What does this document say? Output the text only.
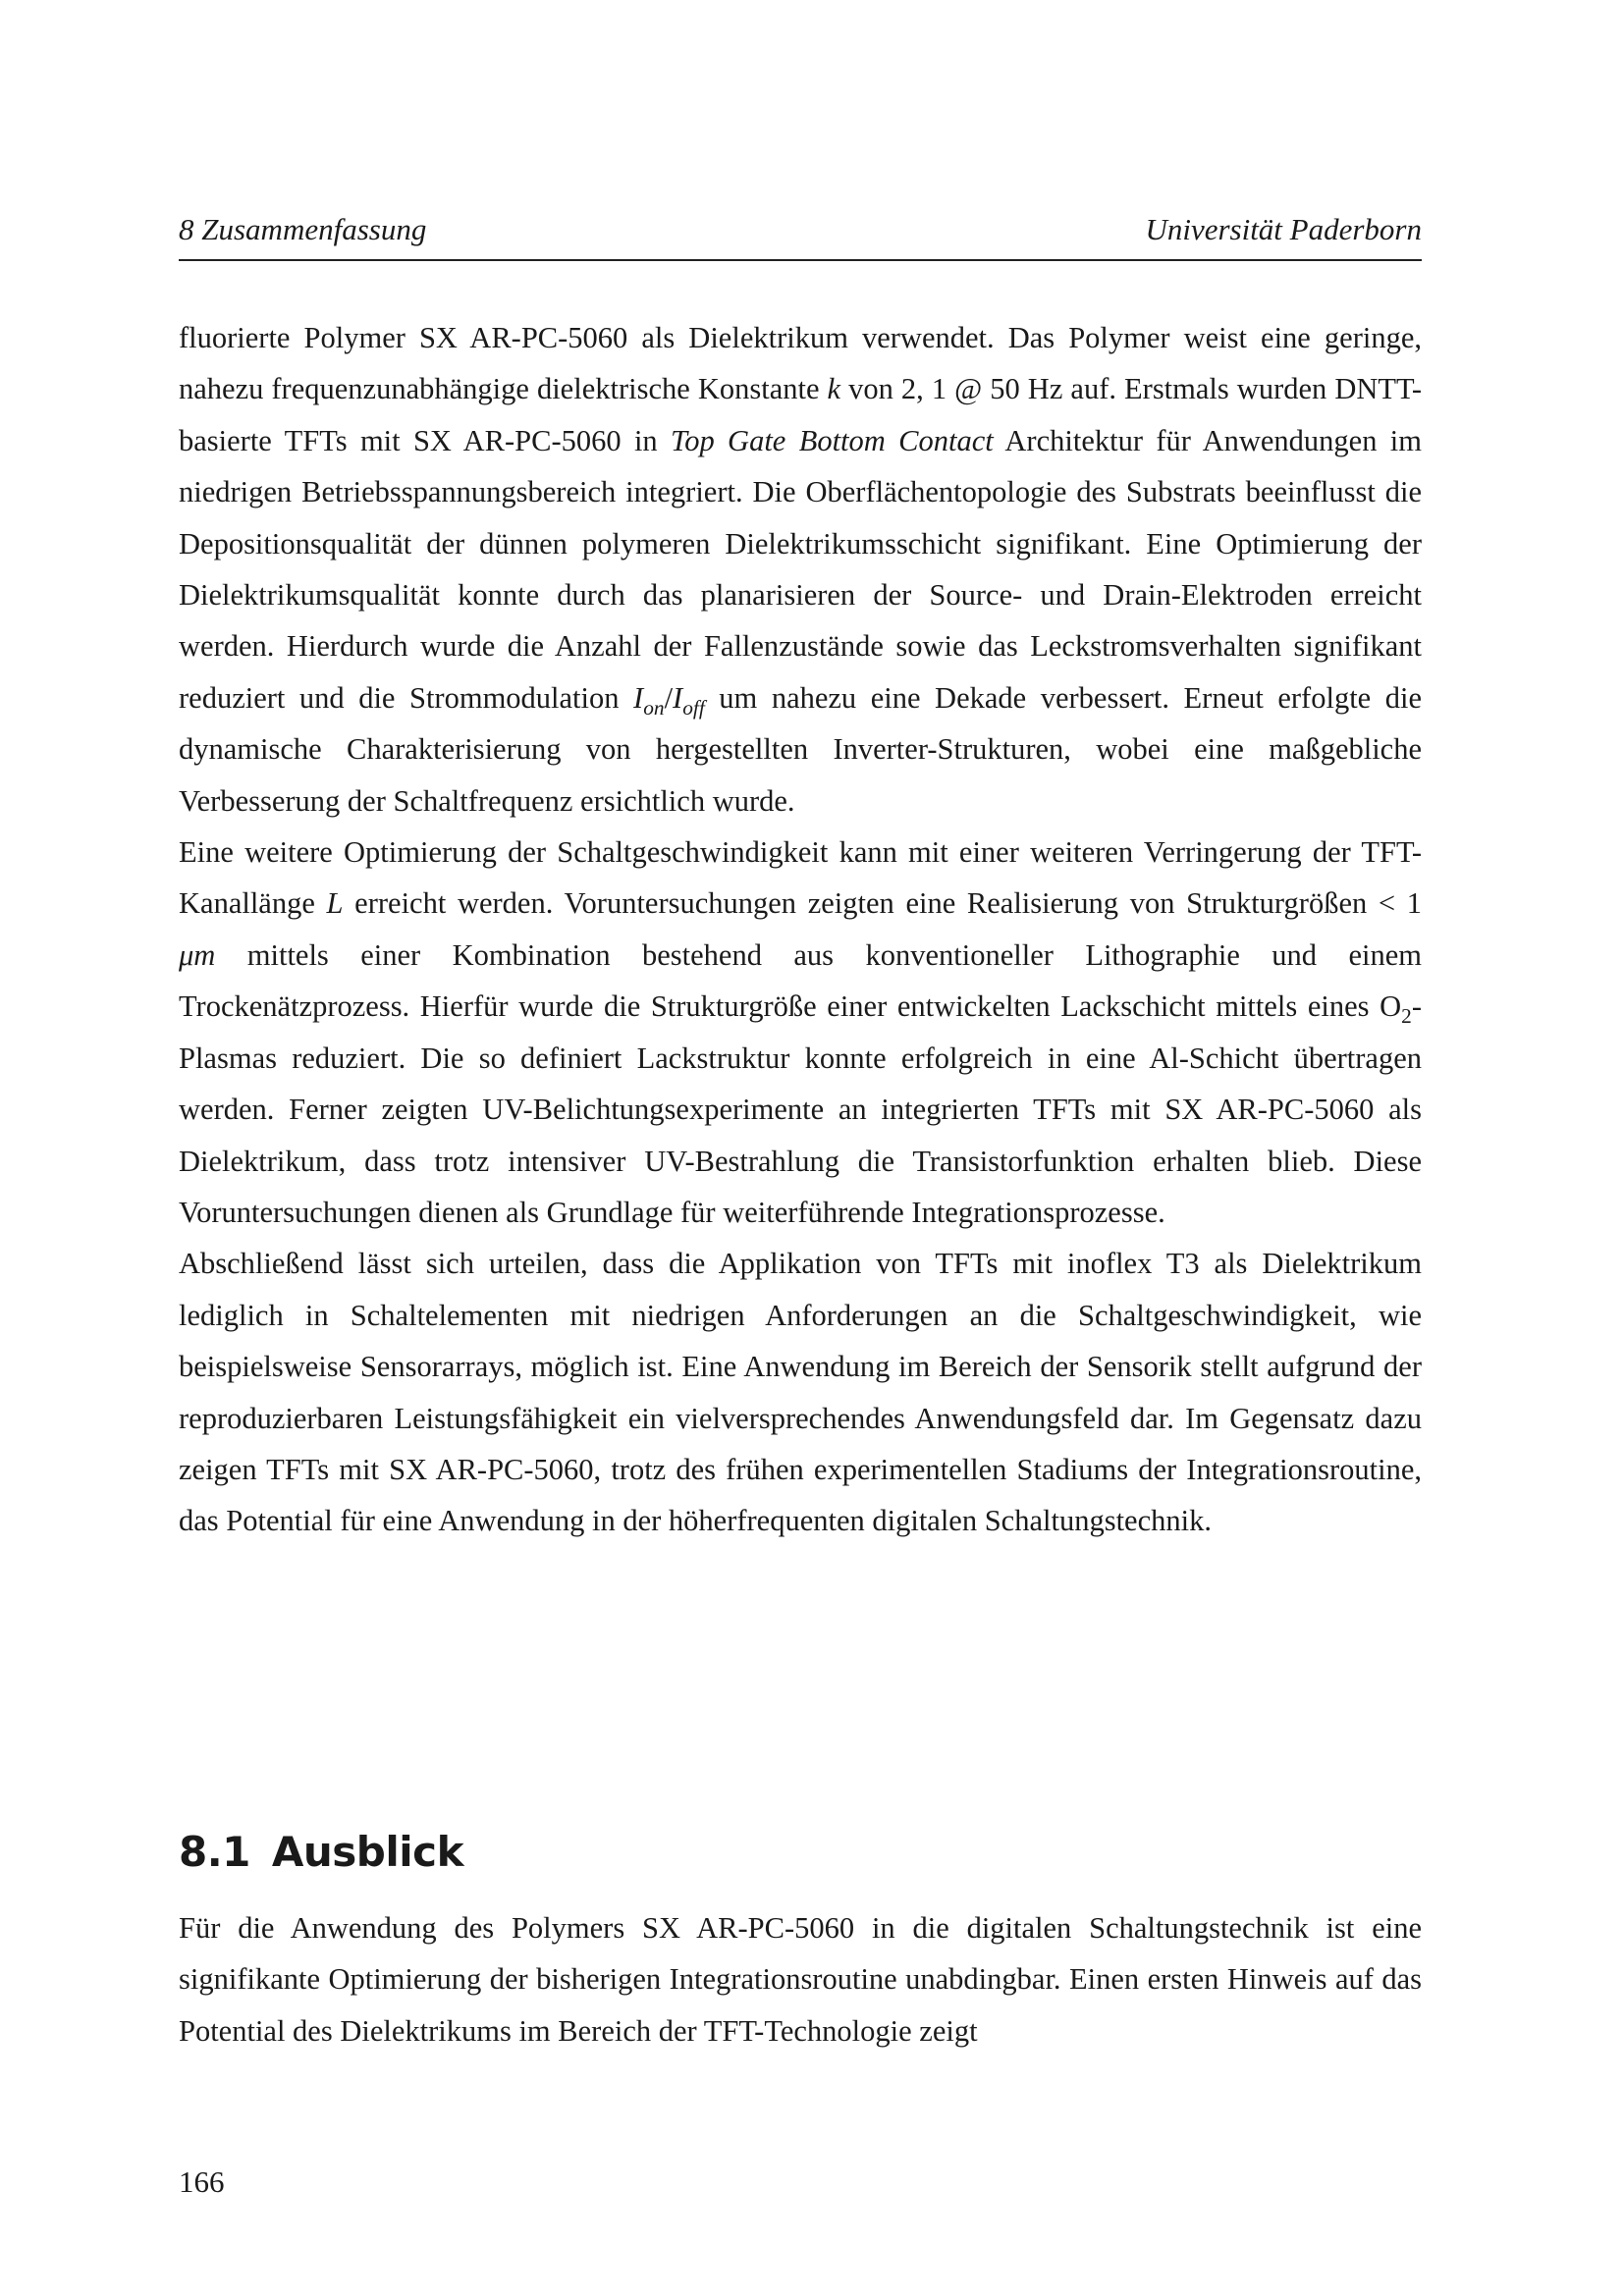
8 Zusammenfassung	Universität Paderborn

fluorierte Polymer SX AR-PC-5060 als Dielektrikum verwendet. Das Polymer weist eine geringe, nahezu frequenzunabhängige dielektrische Konstante k von 2, 1 @ 50 Hz auf. Erstmals wurden DNTT-basierte TFTs mit SX AR-PC-5060 in Top Gate Bottom Contact Architektur für Anwendungen im niedrigen Betriebsspannungsbereich integriert. Die Oberflächentopologie des Substrats beeinflusst die Depositionsqualität der dünnen polymeren Dielektrikumsschicht signifikant. Eine Optimierung der Dielektrikumsqualität konnte durch das planarisieren der Source- und Drain-Elektroden erreicht werden. Hierdurch wurde die Anzahl der Fallenzustände sowie das Leckstromsverhalten signifikant reduziert und die Strommodulation $I_{on}/I_{off}$ um nahezu eine Dekade verbessert. Erneut erfolgte die dynamische Charakterisierung von hergestellten Inverter-Strukturen, wobei eine maßgebliche Verbesserung der Schaltfrequenz ersichtlich wurde.

Eine weitere Optimierung der Schaltgeschwindigkeit kann mit einer weiteren Verringerung der TFT-Kanallänge L erreicht werden. Voruntersuchungen zeigten eine Realisierung von Strukturgrößen < 1 μm mittels einer Kombination bestehend aus konventioneller Lithographie und einem Trockenätzprozess. Hierfür wurde die Strukturgröße einer entwickelten Lackschicht mittels eines $O_2$-Plasmas reduziert. Die so definiert Lackstruktur konnte erfolgreich in eine Al-Schicht übertragen werden. Ferner zeigten UV-Belichtungsexperimente an integrierten TFTs mit SX AR-PC-5060 als Dielektrikum, dass trotz intensiver UV-Bestrahlung die Transistorfunktion erhalten blieb. Diese Voruntersuchungen dienen als Grundlage für weiterführende Integrationsprozesse.

Abschließend lässt sich urteilen, dass die Applikation von TFTs mit inoflex T3 als Dielektrikum lediglich in Schaltelementen mit niedrigen Anforderungen an die Schaltgeschwindigkeit, wie beispielsweise Sensorarrays, möglich ist. Eine Anwendung im Bereich der Sensorik stellt aufgrund der reproduzierbaren Leistungsfähigkeit ein vielversprechendes Anwendungsfeld dar. Im Gegensatz dazu zeigen TFTs mit SX AR-PC-5060, trotz des frühen experimentellen Stadiums der Integrationsroutine, das Potential für eine Anwendung in der höherfrequenten digitalen Schaltungstechnik.

8.1 Ausblick

Für die Anwendung des Polymers SX AR-PC-5060 in die digitalen Schaltungstechnik ist eine signifikante Optimierung der bisherigen Integrationsroutine unabdingbar. Einen ersten Hinweis auf das Potential des Dielektrikums im Bereich der TFT-Technologie zeigt

166
